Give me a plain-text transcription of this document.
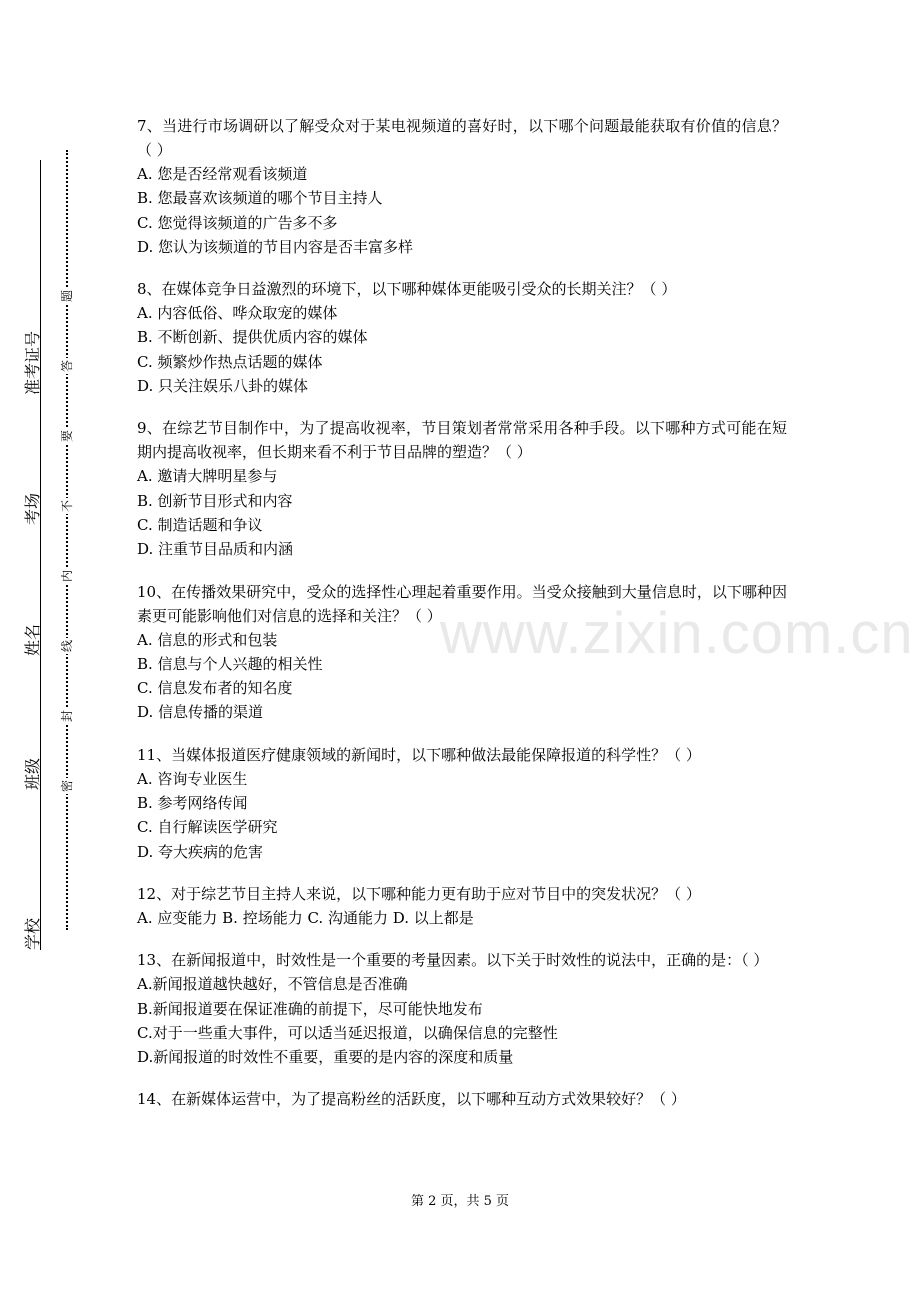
www.zixin.com.cn
准考证号
考场
姓名
班级
学校
题
答
要
不
内
线
封
密
7、当进行市场调研以了解受众对于某电视频道的喜好时，以下哪个问题最能获取有价值的信息？（ ）
A. 您是否经常观看该频道
B. 您最喜欢该频道的哪个节目主持人
C. 您觉得该频道的广告多不多
D. 您认为该频道的节目内容是否丰富多样
8、在媒体竞争日益激烈的环境下，以下哪种媒体更能吸引受众的长期关注？（ ）
A. 内容低俗、哗众取宠的媒体
B. 不断创新、提供优质内容的媒体
C. 频繁炒作热点话题的媒体
D. 只关注娱乐八卦的媒体
9、在综艺节目制作中，为了提高收视率，节目策划者常常采用各种手段。以下哪种方式可能在短期内提高收视率，但长期来看不利于节目品牌的塑造？（ ）
A. 邀请大牌明星参与
B. 创新节目形式和内容
C. 制造话题和争议
D. 注重节目品质和内涵
10、在传播效果研究中，受众的选择性心理起着重要作用。当受众接触到大量信息时，以下哪种因素更可能影响他们对信息的选择和关注？（ ）
A. 信息的形式和包装
B. 信息与个人兴趣的相关性
C. 信息发布者的知名度
D. 信息传播的渠道
11、当媒体报道医疗健康领域的新闻时，以下哪种做法最能保障报道的科学性？（ ）
A. 咨询专业医生
B. 参考网络传闻
C. 自行解读医学研究
D. 夸大疾病的危害
12、对于综艺节目主持人来说，以下哪种能力更有助于应对节目中的突发状况？（ ）
A. 应变能力 B. 控场能力 C. 沟通能力 D. 以上都是
13、在新闻报道中，时效性是一个重要的考量因素。以下关于时效性的说法中，正确的是：（ ）
A.新闻报道越快越好，不管信息是否准确
B.新闻报道要在保证准确的前提下，尽可能快地发布
C.对于一些重大事件，可以适当延迟报道，以确保信息的完整性
D.新闻报道的时效性不重要，重要的是内容的深度和质量
14、在新媒体运营中，为了提高粉丝的活跃度，以下哪种互动方式效果较好？（ ）
第 2 页，共 5 页
